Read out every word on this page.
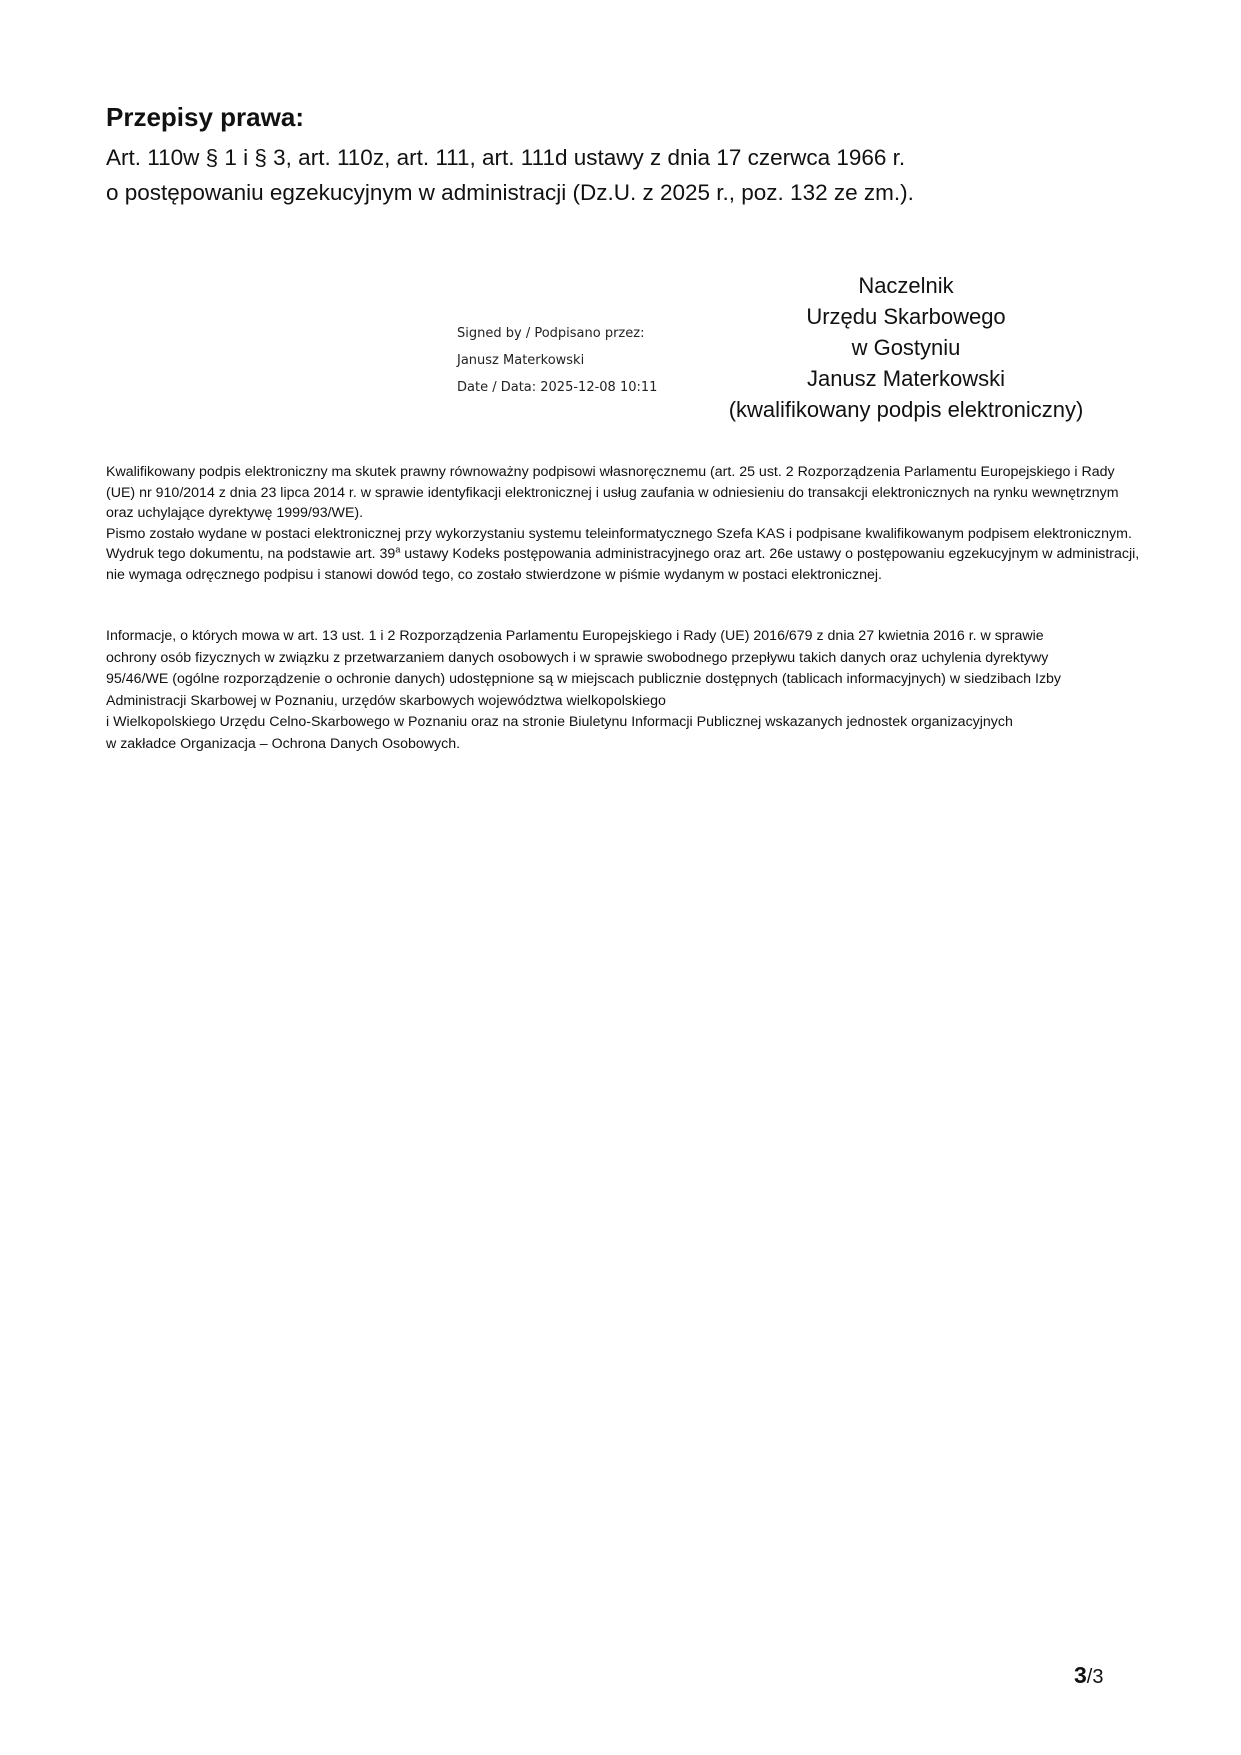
Przepisy prawa:
Art. 110w § 1 i § 3, art. 110z, art. 111, art. 111d ustawy z dnia 17 czerwca 1966 r.
o postępowaniu egzekucyjnym w administracji (Dz.U. z 2025 r., poz. 132 ze zm.).
Signed by / Podpisano przez:
Janusz Materkowski
Date / Data: 2025-12-08 10:11
Naczelnik
Urzędu Skarbowego
w Gostyniu
Janusz Materkowski
(kwalifikowany podpis elektroniczny)

Kwalifikowany podpis elektroniczny ma skutek prawny równoważny podpisowi własnoręcznemu (art. 25 ust. 2 Rozporządzenia Parlamentu Europejskiego i Rady (UE) nr 910/2014 z dnia 23 lipca 2014 r. w sprawie identyfikacji elektronicznej i usług zaufania w odniesieniu do transakcji elektronicznych na rynku wewnętrznym oraz uchylające dyrektywę 1999/93/WE).

Pismo zostało wydane w postaci elektronicznej przy wykorzystaniu systemu teleinformatycznego Szefa KAS i podpisane kwalifikowanym podpisem elektronicznym.

Wydruk tego dokumentu, na podstawie art. 39$^a$ ustawy Kodeks postępowania administracyjnego oraz art. 26e ustawy o postępowaniu egzekucyjnym w administracji, nie wymaga odręcznego podpisu i stanowi dowód tego, co zostało stwierdzone w piśmie wydanym w postaci elektronicznej.

Informacje, o których mowa w art. 13 ust. 1 i 2 Rozporządzenia Parlamentu Europejskiego i Rady (UE) 2016/679 z dnia 27 kwietnia 2016 r. w sprawie
ochrony osób fizycznych w związku z przetwarzaniem danych osobowych i w sprawie swobodnego przepływu takich danych oraz uchylenia dyrektywy
95/46/WE (ogólne rozporządzenie o ochronie danych) udostępnione są w miejscach publicznie dostępnych (tablicach informacyjnych) w siedzibach Izby
Administracji Skarbowej w Poznaniu, urzędów skarbowych województwa wielkopolskiego
i Wielkopolskiego Urzędu Celno-Skarbowego w Poznaniu oraz na stronie Biuletynu Informacji Publicznej wskazanych jednostek organizacyjnych
w zakładce Organizacja – Ochrona Danych Osobowych.
3/3
